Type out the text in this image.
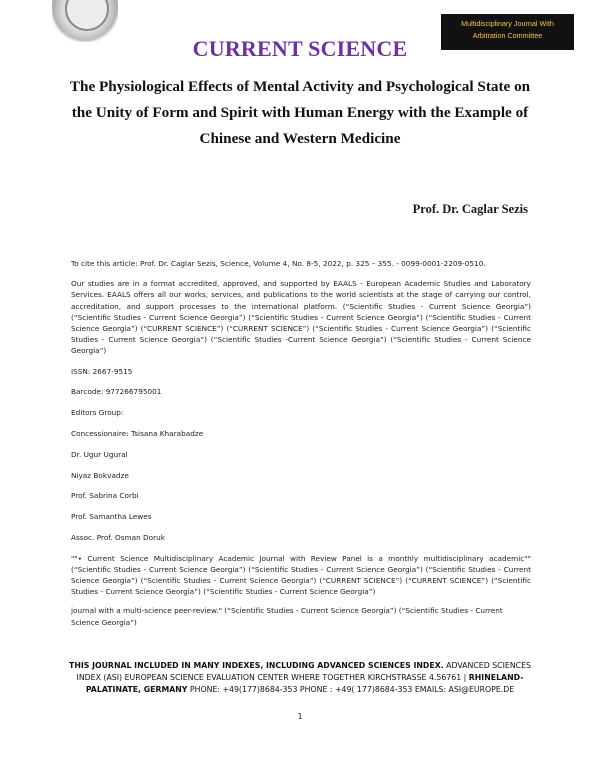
Multidisciplinary Journal With
Arbitration Committee
CURRENT SCIENCE
The Physiological Effects of Mental Activity and Psychological State on the Unity of Form and Spirit with Human Energy with the Example of Chinese and Western Medicine
Prof. Dr. Caglar Sezis

To cite this article: Prof. Dr. Caglar Sezis, Science, Volume 4, No. 8-5, 2022, p. 325 – 355. - 0099-0001-2209-0510.

Our studies are in a format accredited, approved, and supported by EAALS - European Academic Studies and Laboratory Services. EAALS offers all our works, services, and publications to the world scientists at the stage of carrying our control, accreditation, and support processes to the international platform. (“Scientific Studies - Current Science Georgia”) (“Scientific Studies - Current Science Georgia”) (“Scientific Studies - Current Science Georgia”) (“Scientific Studies - Current Science Georgia”) (“CURRENT SCIENCE”) (“CURRENT SCIENCE”) (“Scientific Studies - Current Science Georgia”) (“Scientific Studies - Current Science Georgia”) (“Scientific Studies -Current Science Georgia”) (“Scientific Studies - Current Science Georgia”)

ISSN: 2667-9515

Barcode: 977266795001

Editors Group:

Concessionaire: Tsisana Kharabadze

Dr. Ugur Ugural

Niyaz Bokvadze

Prof. Sabrina Corbi

Prof. Samantha Lewes

Assoc. Prof. Osman Doruk

""• Current Science Multidisciplinary Academic Journal with Review Panel is a monthly multidisciplinary academic"" (“Scientific Studies - Current Science Georgia”) (“Scientific Studies - Current Science Georgia”) (“Scientific Studies - Current Science Georgia”) (“Scientific Studies - Current Science Georgia”) (“CURRENT SCIENCE”) (“CURRENT SCIENCE”) (“Scientific Studies - Current Science Georgia”) (“Scientific Studies - Current Science Georgia”)

journal with a multi-science peer-review." (“Scientific Studies - Current Science Georgia”) (“Scientific Studies - Current Science Georgia”)

THIS JOURNAL INCLUDED IN MANY INDEXES, INCLUDING ADVANCED SCIENCES INDEX. ADVANCED SCIENCES INDEX (ASI) EUROPEAN SCIENCE EVALUATION CENTER WHERE TOGETHER KIRCHSTRASSE 4.56761 | RHINELAND-PALATINATE, GERMANY PHONE: +49(177)8684-353 PHONE : +49( 177)8684-353 EMAILS: ASI@EUROPE.DE
1
